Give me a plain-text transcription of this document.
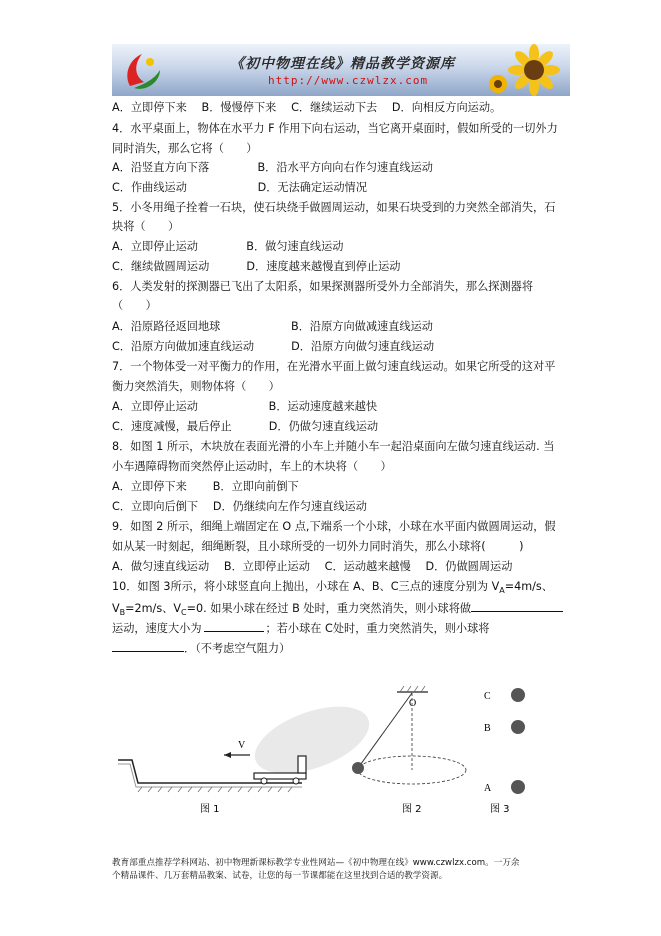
《初中物理在线》精品教学资源库
http://www.czwlzx.com
A．立即停下来　 B．慢慢停下来　 C．继续运动下去　 D．向相反方向运动。
4．水平桌面上，物体在水平力 F 作用下向右运动，当它离开桌面时，假如所受的一切外力
同时消失，那么它将（　　）
A．沿竖直方向下落　　　　 B．沿水平方向向右作匀速直线运动
C．作曲线运动　　　　　　 D．无法确定运动情况
5．小冬用绳子拴着一石块，使石块绕手做圆周运动，如果石块受到的力突然全部消失，石
块将（　　）
A．立即停止运动　　　　 B．做匀速直线运动
C．继续做圆周运动　　　 D．速度越来越慢直到停止运动
6．人类发射的探测器已飞出了太阳系，如果探测器所受外力全部消失，那么探测器将
（　　）
A．沿原路径返回地球　　　　　　 B．沿原方向做减速直线运动
C．沿原方向做加速直线运动　　　 D．沿原方向做匀速直线运动
7．一个物体受一对平衡力的作用，在光滑水平面上做匀速直线运动。如果它所受的这对平
衡力突然消失，则物体将（　　）
A．立即停止运动　　　　　　 B．运动速度越来越快
C．速度减慢，最后停止　　　 D．仍做匀速直线运动
8．如图 1 所示，木块放在表面光滑的小车上并随小车一起沿桌面向左做匀速直线运动. 当
小车遇障碍物而突然停止运动时，车上的木块将（　　）
A．立即停下来　　 B．立即向前倒下
C．立即向后倒下　 D．仍继续向左作匀速直线运动
9．如图 2 所示，细绳上端固定在 O 点,下端系一个小球，小球在水平面内做圆周运动，假
如从某一时刻起，细绳断裂，且小球所受的一切外力同时消失，那么小球将(　　　)
A．做匀速直线运动　 B．立即停止运动　 C．运动越来越慢　 D．仍做圆周运动
10．如图 3所示，将小球竖直向上抛出，小球在 A、B、C三点的速度分别为 $V_A=4m/s$、
$V_B=2m/s$、$V_C=0$. 如果小球在经过 B 处时，重力突然消失，则小球将做
运动，速度大小为	；若小球在 C处时，重力突然消失，则小球将
．（不考虑空气阻力）
V
图 1
O
图 2
C
B
A
图 3
教育部重点推荐学科网站、初中物理新课标教学专业性网站—《初中物理在线》www.czwlzx.com。一万余
个精品课件、几万套精品教案、试卷，让您的每一节课都能在这里找到合适的教学资源。
